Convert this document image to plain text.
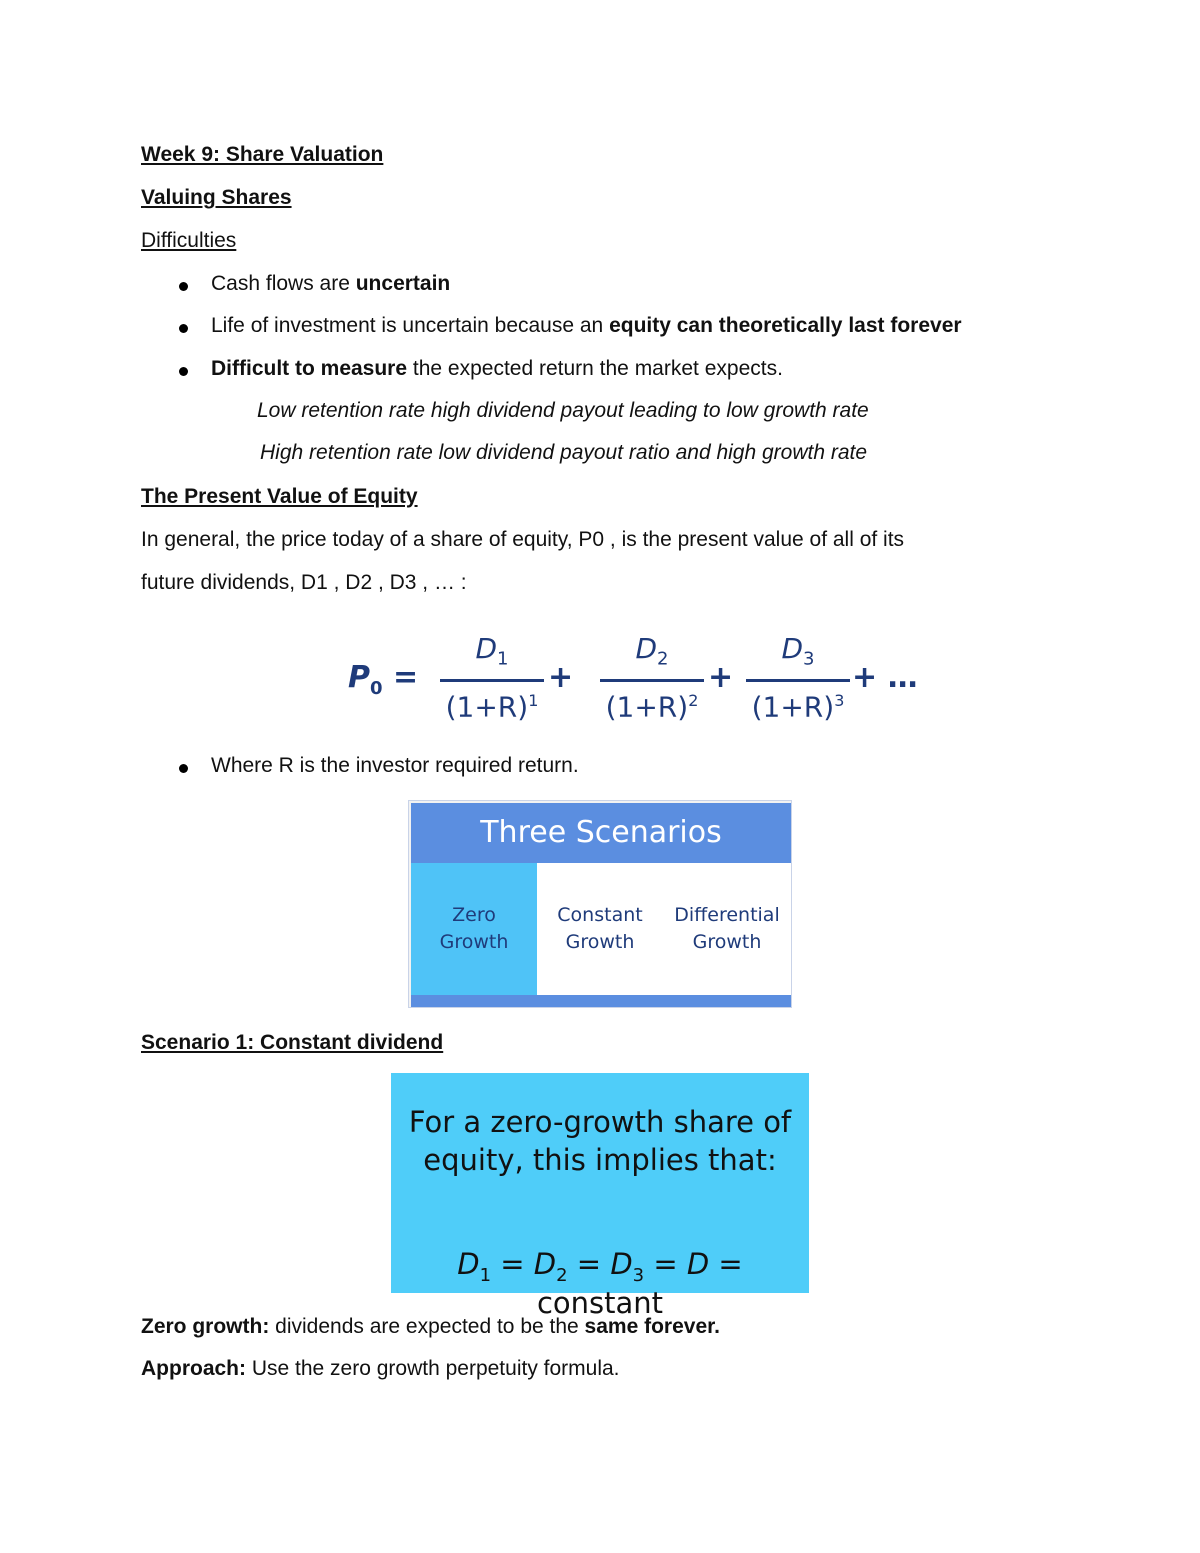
Week 9: Share Valuation
Valuing Shares
Difficulties
Cash flows are uncertain
Life of investment is uncertain because an equity can theoretically last forever
Difficult to measure the expected return the market expects.
Low retention rate high dividend payout leading to low growth rate
High retention rate low dividend payout ratio and high growth rate
The Present Value of Equity
In general, the price today of a share of equity, P0 , is the present value of all of its
future dividends, D1 , D2 , D3 , … :
$P_0$ =
$D_1$
$(1+R)^1$
+
$D_2$
$(1+R)^2$
+
$D_3$
$(1+R)^3$
+ …
Where R is the investor required return.
Three Scenarios
Zero
Growth
Constant
Growth
Differential
Growth
Scenario 1: Constant dividend
For a zero-growth share of
equity, this implies that:
$D_1 = D_2 = D_3 = D$ = constant
Zero growth: dividends are expected to be the same forever.
Approach: Use the zero growth perpetuity formula.
